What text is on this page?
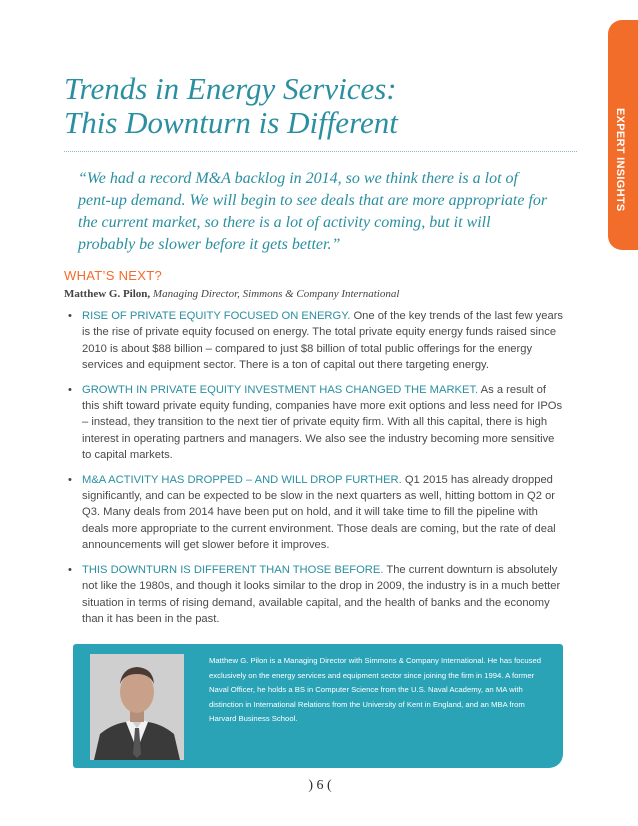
EXPERT INSIGHTS
Trends in Energy Services:
This Downturn is Different
“We had a record M&A backlog in 2014, so we think there is a lot of pent-up demand. We will begin to see deals that are more appropriate for the current market, so there is a lot of activity coming, but it will probably be slower before it gets better.”
WHAT’S NEXT?
Matthew G. Pilon, Managing Director, Simmons & Company International
• RISE OF PRIVATE EQUITY FOCUSED ON ENERGY. One of the key trends of the last few years is the rise of private equity focused on energy. The total private equity energy funds raised since 2010 is about $88 billion – compared to just $8 billion of total public offerings for the energy services and equipment sector. There is a ton of capital out there targeting energy.
• GROWTH IN PRIVATE EQUITY INVESTMENT HAS CHANGED THE MARKET. As a result of this shift toward private equity funding, companies have more exit options and less need for IPOs – instead, they transition to the next tier of private equity firm. With all this capital, there is high interest in operating partners and managers. We also see the industry becoming more sensitive to capital markets.
• M&A ACTIVITY HAS DROPPED – AND WILL DROP FURTHER. Q1 2015 has already dropped significantly, and can be expected to be slow in the next quarters as well, hitting bottom in Q2 or Q3. Many deals from 2014 have been put on hold, and it will take time to fill the pipeline with deals more appropriate to the current environment. Those deals are coming, but the rate of deal announcements will get slower before it improves.
• THIS DOWNTURN IS DIFFERENT THAN THOSE BEFORE. The current downturn is absolutely not like the 1980s, and though it looks similar to the drop in 2009, the industry is in a much better situation in terms of rising demand, available capital, and the health of banks and the economy than it has been in the past.
Matthew G. Pilon is a Managing Director with Simmons & Company International. He has focused exclusively on the energy services and equipment sector since joining the firm in 1994. A former Naval Officer, he holds a BS in Computer Science from the U.S. Naval Academy, an MA with distinction in International Relations from the University of Kent in England, and an MBA from Harvard Business School.
) 6 (
